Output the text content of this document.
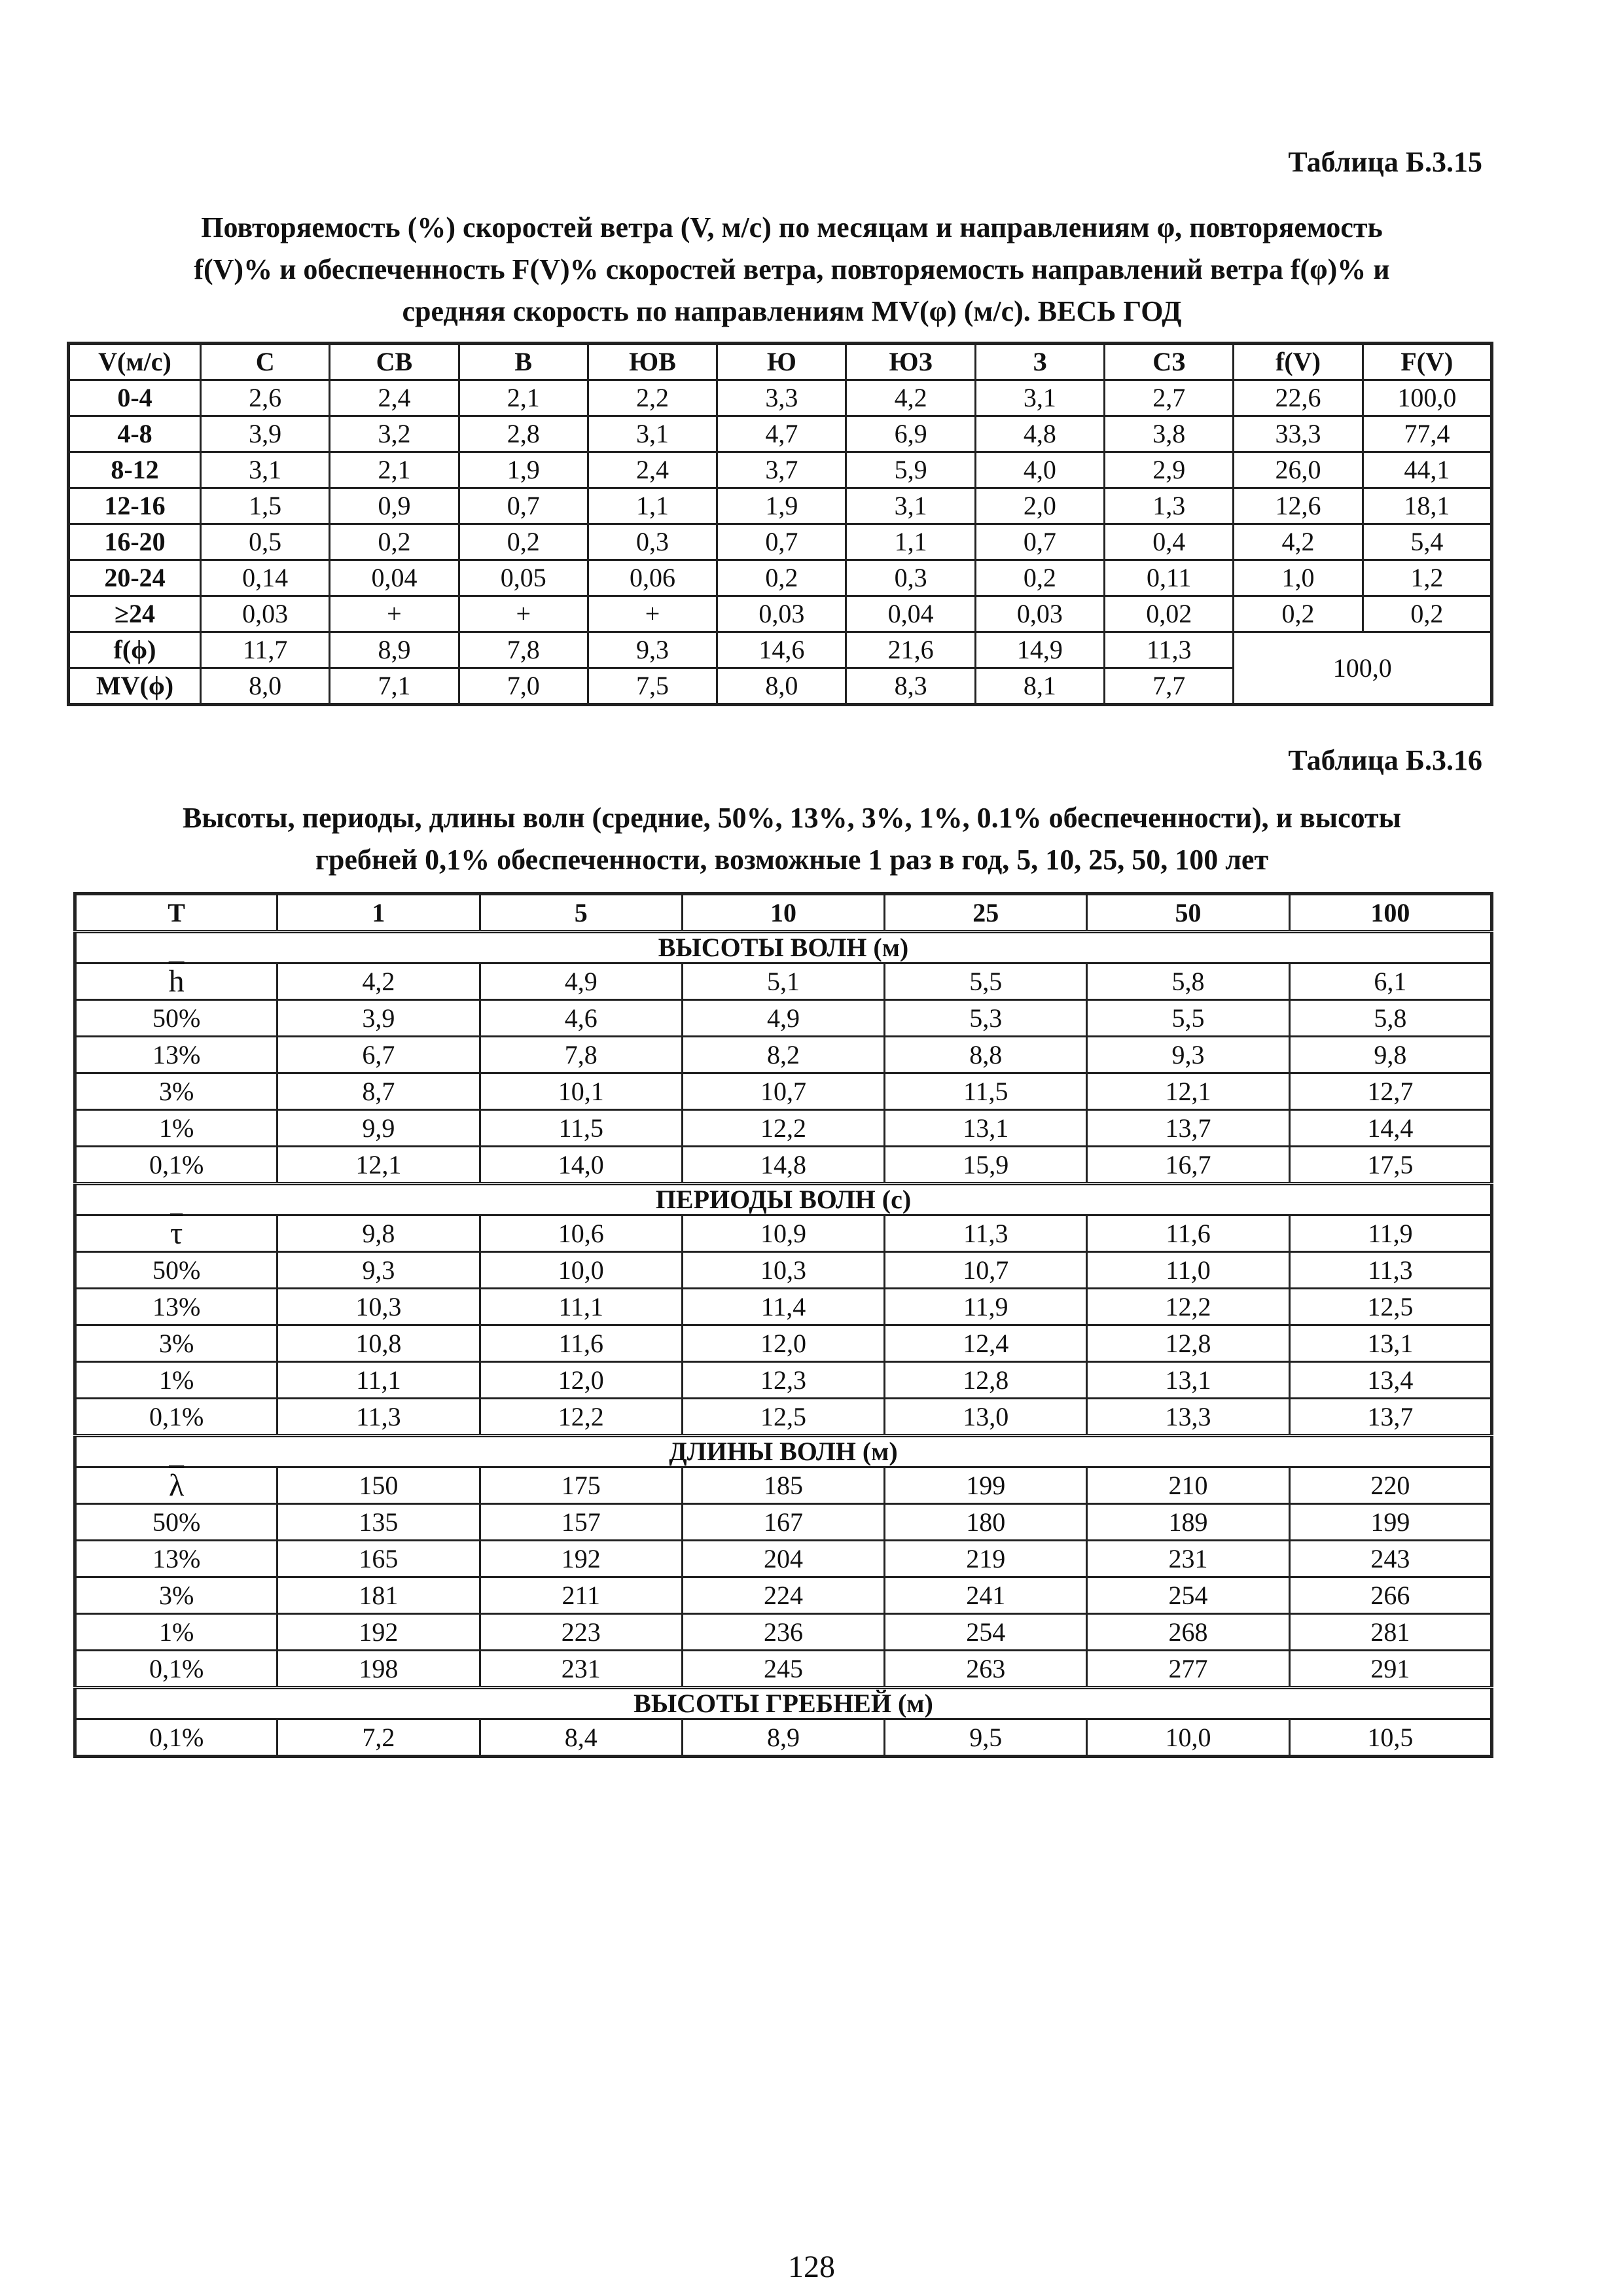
Таблица Б.3.15
Повторяемость (%) скоростей ветра (V, м/с) по месяцам и направлениям φ, повторяемость
f(V)% и обеспеченность F(V)% скоростей ветра, повторяемость направлений ветра f(φ)% и
средняя скорость по направлениям MV(φ) (м/с). ВЕСЬ ГОД
V(м/с)	С	СВ	В	ЮВ	Ю	ЮЗ	З	СЗ	f(V)	F(V)
0-4	2,6	2,4	2,1	2,2	3,3	4,2	3,1	2,7	22,6	100,0
4-8	3,9	3,2	2,8	3,1	4,7	6,9	4,8	3,8	33,3	77,4
8-12	3,1	2,1	1,9	2,4	3,7	5,9	4,0	2,9	26,0	44,1
12-16	1,5	0,9	0,7	1,1	1,9	3,1	2,0	1,3	12,6	18,1
16-20	0,5	0,2	0,2	0,3	0,7	1,1	0,7	0,4	4,2	5,4
20-24	0,14	0,04	0,05	0,06	0,2	0,3	0,2	0,11	1,0	1,2
≥24	0,03	+	+	+	0,03	0,04	0,03	0,02	0,2	0,2
f(ϕ)	11,7	8,9	7,8	9,3	14,6	21,6	14,9	11,3	100,0	
MV(ϕ)	8,0	7,1	7,0	7,5	8,0	8,3	8,1	7,7		
Таблица Б.3.16
Высоты, периоды, длины волн (средние, 50%, 13%, 3%, 1%, 0.1% обеспеченности), и высоты
гребней 0,1% обеспеченности, возможные 1 раз в год, 5, 10, 25, 50, 100 лет
T	1	5	10	25	50	100
ВЫСОТЫ ВОЛН (м)						
$\overline{h}$	4,2	4,9	5,1	5,5	5,8	6,1
50%	3,9	4,6	4,9	5,3	5,5	5,8
13%	6,7	7,8	8,2	8,8	9,3	9,8
3%	8,7	10,1	10,7	11,5	12,1	12,7
1%	9,9	11,5	12,2	13,1	13,7	14,4
0,1%	12,1	14,0	14,8	15,9	16,7	17,5
ПЕРИОДЫ ВОЛН (с)						
$\overline{\tau}$	9,8	10,6	10,9	11,3	11,6	11,9
50%	9,3	10,0	10,3	10,7	11,0	11,3
13%	10,3	11,1	11,4	11,9	12,2	12,5
3%	10,8	11,6	12,0	12,4	12,8	13,1
1%	11,1	12,0	12,3	12,8	13,1	13,4
0,1%	11,3	12,2	12,5	13,0	13,3	13,7
ДЛИНЫ ВОЛН (м)						
$\overline{\lambda}$	150	175	185	199	210	220
50%	135	157	167	180	189	199
13%	165	192	204	219	231	243
3%	181	211	224	241	254	266
1%	192	223	236	254	268	281
0,1%	198	231	245	263	277	291
ВЫСОТЫ ГРЕБНЕЙ (м)						
0,1%	7,2	8,4	8,9	9,5	10,0	10,5
128
